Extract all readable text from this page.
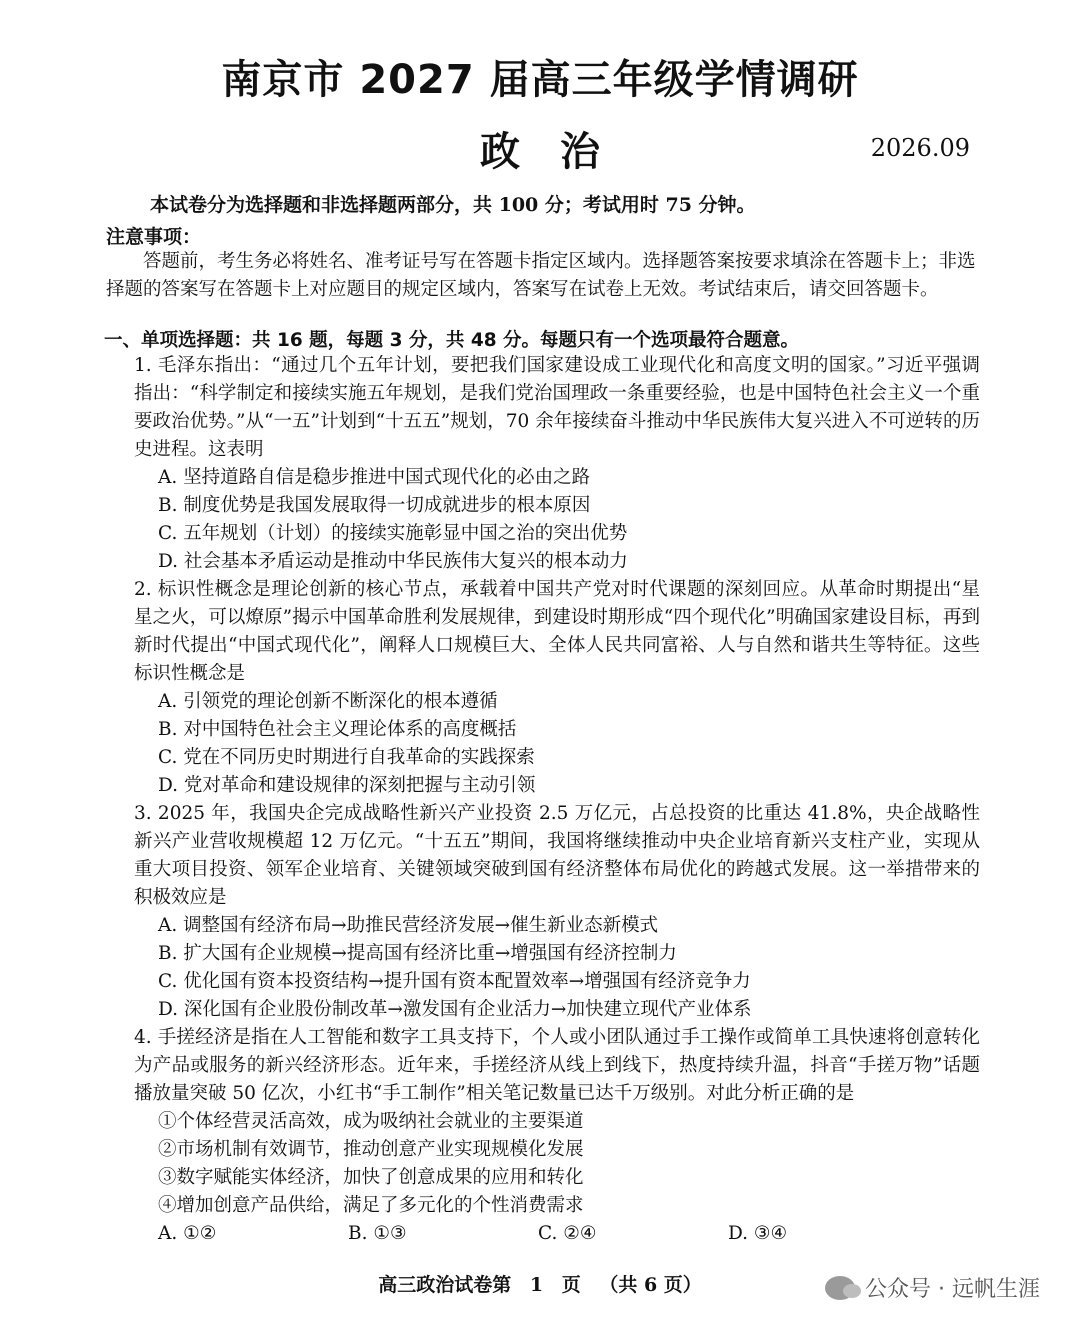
南京市 2027 届高三年级学情调研
政治	2026.09
本试卷分为选择题和非选择题两部分，共 100 分；考试用时 75 分钟。
注意事项：

答题前，考生务必将姓名、准考证号写在答题卡指定区域内。选择题答案按要求填涂在答题卡上；非选择题的答案写在答题卡上对应题目的规定区域内，答案写在试卷上无效。考试结束后，请交回答题卡。

一、单项选择题：共 16 题，每题 3 分，共 48 分。每题只有一个选项最符合题意。

1. 毛泽东指出：“通过几个五年计划，要把我们国家建设成工业现代化和高度文明的国家。”习近平强调指出：“科学制定和接续实施五年规划，是我们党治国理政一条重要经验，也是中国特色社会主义一个重要政治优势。”从“一五”计划到“十五五”规划，70 余年接续奋斗推动中华民族伟大复兴进入不可逆转的历史进程。这表明

A. 坚持道路自信是稳步推进中国式现代化的必由之路

B. 制度优势是我国发展取得一切成就进步的根本原因

C. 五年规划（计划）的接续实施彰显中国之治的突出优势

D. 社会基本矛盾运动是推动中华民族伟大复兴的根本动力

2. 标识性概念是理论创新的核心节点，承载着中国共产党对时代课题的深刻回应。从革命时期提出“星星之火，可以燎原”揭示中国革命胜利发展规律，到建设时期形成“四个现代化”明确国家建设目标，再到新时代提出“中国式现代化”，阐释人口规模巨大、全体人民共同富裕、人与自然和谐共生等特征。这些标识性概念是

A. 引领党的理论创新不断深化的根本遵循

B. 对中国特色社会主义理论体系的高度概括

C. 党在不同历史时期进行自我革命的实践探索

D. 党对革命和建设规律的深刻把握与主动引领

3. 2025 年，我国央企完成战略性新兴产业投资 2.5 万亿元，占总投资的比重达 41.8%，央企战略性新兴产业营收规模超 12 万亿元。“十五五”期间，我国将继续推动中央企业培育新兴支柱产业，实现从重大项目投资、领军企业培育、关键领域突破到国有经济整体布局优化的跨越式发展。这一举措带来的积极效应是

A. 调整国有经济布局→助推民营经济发展→催生新业态新模式

B. 扩大国有企业规模→提高国有经济比重→增强国有经济控制力

C. 优化国有资本投资结构→提升国有资本配置效率→增强国有经济竞争力

D. 深化国有企业股份制改革→激发国有企业活力→加快建立现代产业体系

4. 手搓经济是指在人工智能和数字工具支持下，个人或小团队通过手工操作或简单工具快速将创意转化为产品或服务的新兴经济形态。近年来，手搓经济从线上到线下，热度持续升温，抖音“手搓万物”话题播放量突破 50 亿次，小红书“手工制作”相关笔记数量已达千万级别。对此分析正确的是

①个体经营灵活高效，成为吸纳社会就业的主要渠道

②市场机制有效调节，推动创意产业实现规模化发展

③数字赋能实体经济，加快了创意成果的应用和转化

④增加创意产品供给，满足了多元化的个性消费需求

A. ①②	B. ①③	C. ②④	D. ③④
高三政治试卷第 1 页 （共 6 页）	公众号 · 远帆生涯
